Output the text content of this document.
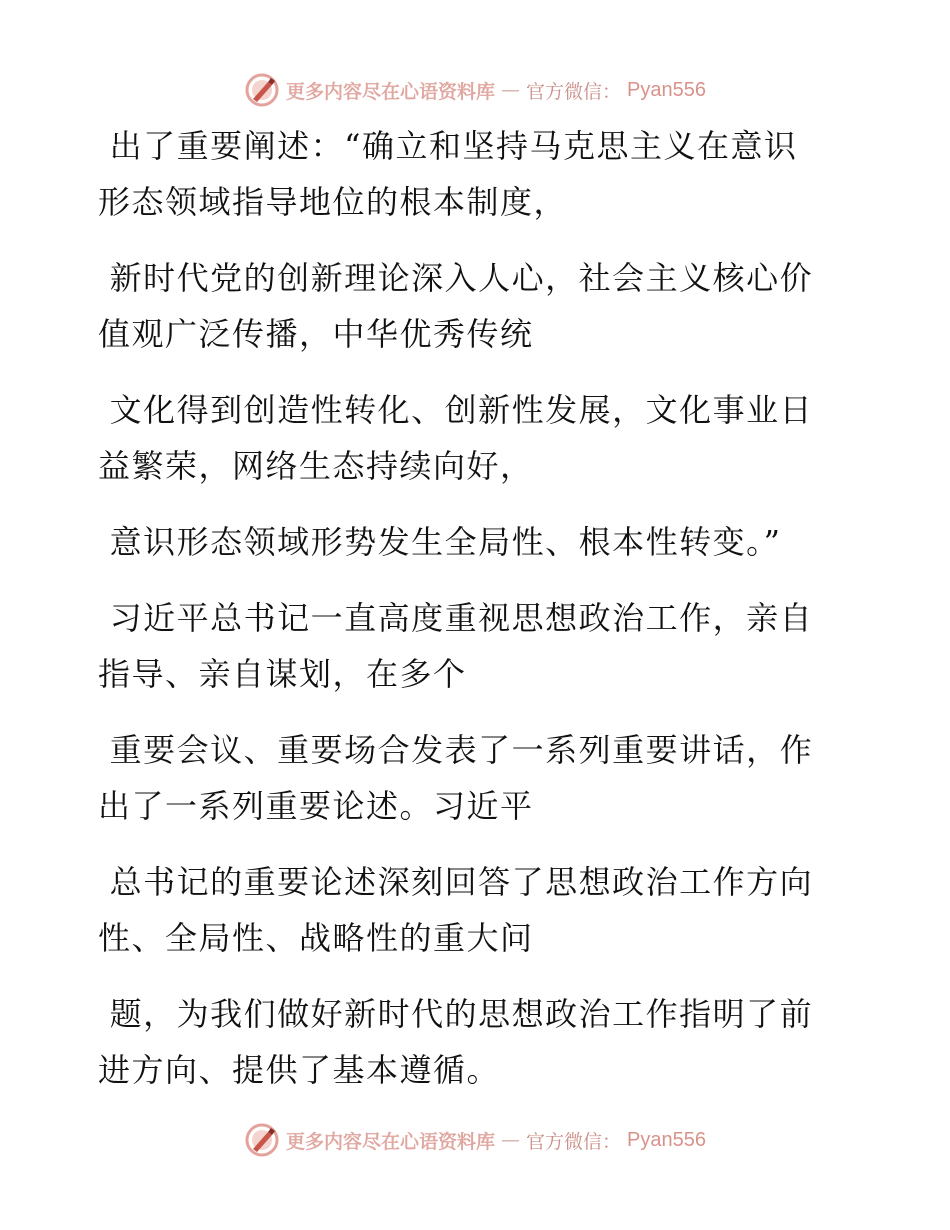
更多内容尽在心语资料库 — 官方微信： Pyan556

出了重要阐述：“确立和坚持马克思主义在意识形态领域指导地位的根本制度，

新时代党的创新理论深入人心，社会主义核心价值观广泛传播，中华优秀传统

文化得到创造性转化、创新性发展，文化事业日益繁荣，网络生态持续向好，

意识形态领域形势发生全局性、根本性转变。”

习近平总书记一直高度重视思想政治工作，亲自指导、亲自谋划，在多个

重要会议、重要场合发表了一系列重要讲话，作出了一系列重要论述。习近平

总书记的重要论述深刻回答了思想政治工作方向性、全局性、战略性的重大问

题，为我们做好新时代的思想政治工作指明了前进方向、提供了基本遵循。

更多内容尽在心语资料库 — 官方微信： Pyan556
